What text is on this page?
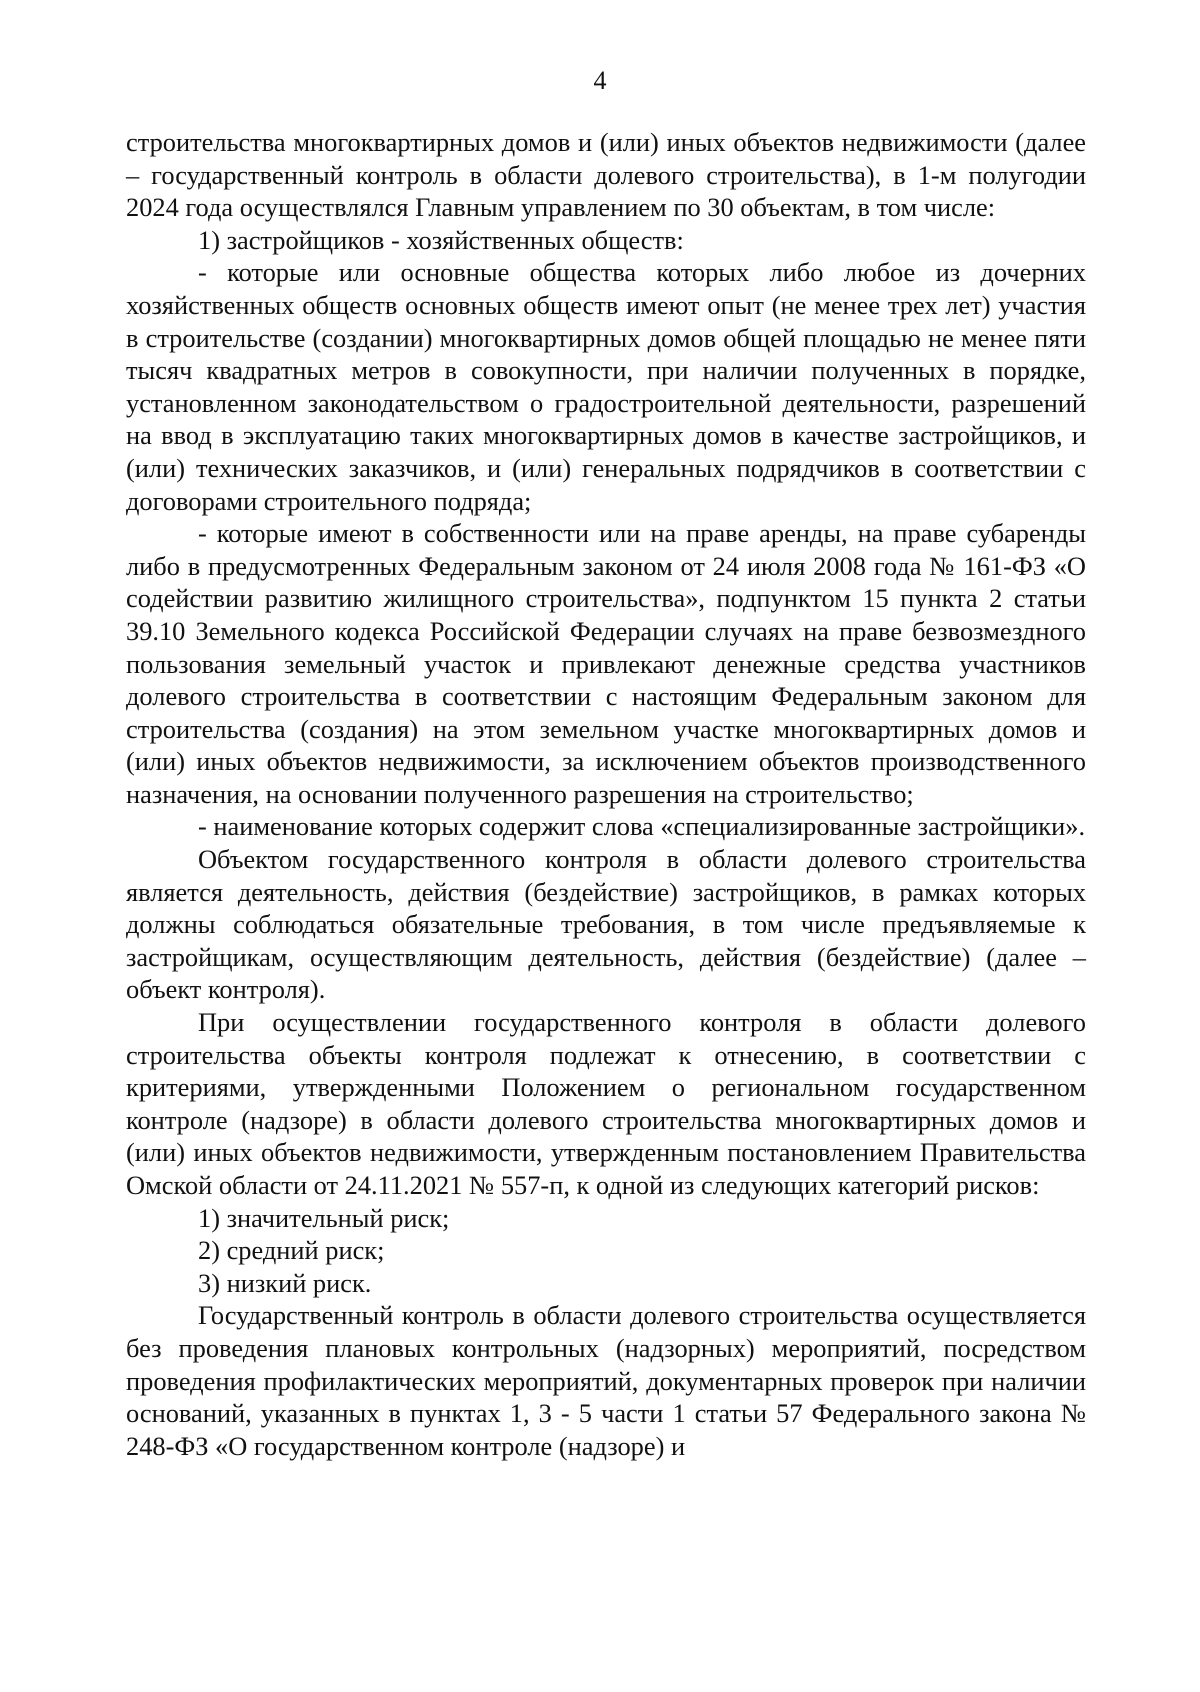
4

строительства многоквартирных домов и (или) иных объектов недвижимости (далее – государственный контроль в области долевого строительства), в 1-м полугодии 2024 года осуществлялся Главным управлением по 30 объектам, в том числе:

1) застройщиков - хозяйственных обществ:

- которые или основные общества которых либо любое из дочерних хозяйственных обществ основных обществ имеют опыт (не менее трех лет) участия в строительстве (создании) многоквартирных домов общей площадью не менее пяти тысяч квадратных метров в совокупности, при наличии полученных в порядке, установленном законодательством о градостроительной деятельности, разрешений на ввод в эксплуатацию таких многоквартирных домов в качестве застройщиков, и (или) технических заказчиков, и (или) генеральных подрядчиков в соответствии с договорами строительного подряда;

- которые имеют в собственности или на праве аренды, на праве субаренды либо в предусмотренных Федеральным законом от 24 июля 2008 года № 161-ФЗ «О содействии развитию жилищного строительства», подпунктом 15 пункта 2 статьи 39.10 Земельного кодекса Российской Федерации случаях на праве безвозмездного пользования земельный участок и привлекают денежные средства участников долевого строительства в соответствии с настоящим Федеральным законом для строительства (создания) на этом земельном участке многоквартирных домов и (или) иных объектов недвижимости, за исключением объектов производственного назначения, на основании полученного разрешения на строительство;

- наименование которых содержит слова «специализированные застройщики».

Объектом государственного контроля в области долевого строительства является деятельность, действия (бездействие) застройщиков, в рамках которых должны соблюдаться обязательные требования, в том числе предъявляемые к застройщикам, осуществляющим деятельность, действия (бездействие) (далее – объект контроля).

При осуществлении государственного контроля в области долевого строительства объекты контроля подлежат к отнесению, в соответствии с критериями, утвержденными Положением о региональном государственном контроле (надзоре) в области долевого строительства многоквартирных домов и (или) иных объектов недвижимости, утвержденным постановлением Правительства Омской области от 24.11.2021 № 557-п, к одной из следующих категорий рисков:

1) значительный риск;

2) средний риск;

3) низкий риск.

Государственный контроль в области долевого строительства осуществляется без проведения плановых контрольных (надзорных) мероприятий, посредством проведения профилактических мероприятий, документарных проверок при наличии оснований, указанных в пунктах 1, 3 - 5 части 1 статьи 57 Федерального закона № 248-ФЗ «О государственном контроле (надзоре) и
